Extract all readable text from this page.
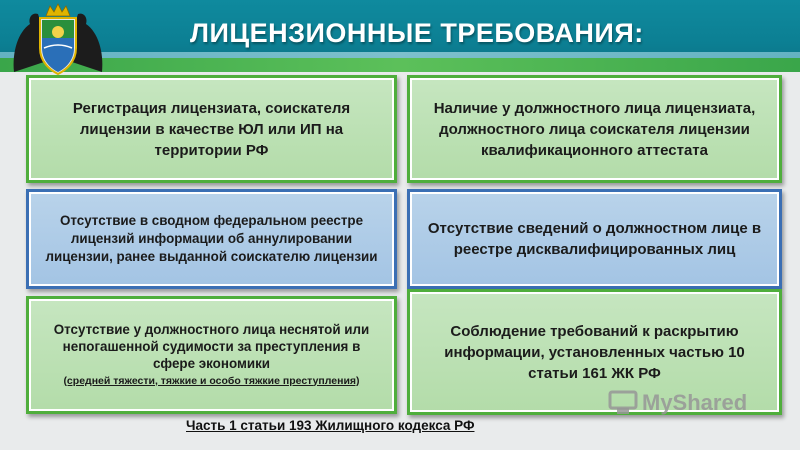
ЛИЦЕНЗИОННЫЕ ТРЕБОВАНИЯ:
Регистрация лицензиата, соискателя лицензии в качестве ЮЛ или ИП на территории РФ
Наличие у должностного лица лицензиата, должностного лица соискателя лицензии квалификационного аттестата
Отсутствие в сводном федеральном реестре лицензий информации об аннулировании лицензии, ранее выданной соискателю лицензии
Отсутствие сведений о должностном лице в реестре дисквалифицированных лиц
Отсутствие у должностного лица неснятой или непогашенной судимости за преступления в сфере экономики
(средней тяжести, тяжкие и особо тяжкие преступления)
Соблюдение требований к раскрытию информации, установленных частью 10 статьи 161 ЖК РФ
Часть 1 статьи 193 Жилищного кодекса РФ
MyShared
